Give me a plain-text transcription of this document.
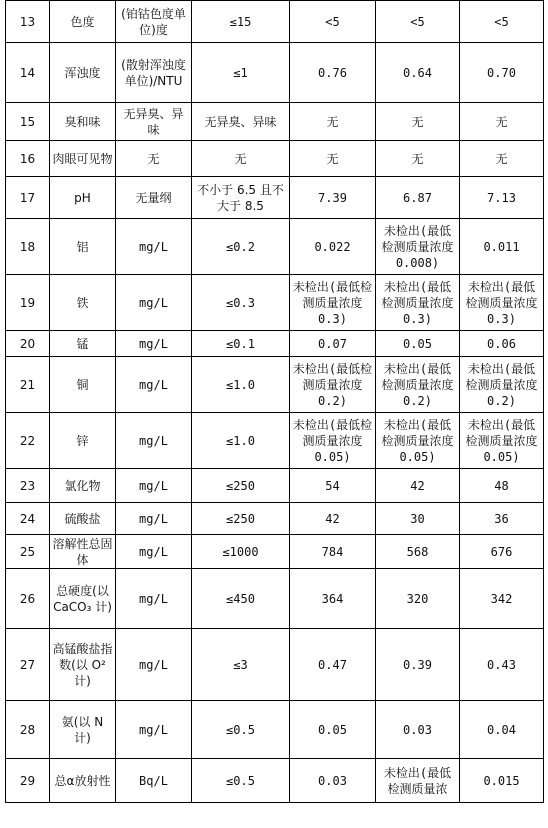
13	色度	(铂钴色度单位)度	≤15	<5	<5	<5
14	浑浊度	(散射浑浊度单位)/NTU	≤1	0.76	0.64	0.70
15	臭和味	无异臭、异　味	无异臭、异味	无	无	无
16	肉眼可见物	无	无	无	无	无
17	pH	无量纲	不小于 6.5 且不大于 8.5	7.39	6.87	7.13
18	铝	mg/L	≤0.2	0.022	未检出(最低检测质量浓度 0.008)	0.011
19	铁	mg/L	≤0.3	未检出(最低检测质量浓度 0.3)	未检出(最低检测质量浓度 0.3)	未检出(最低检测质量浓度 0.3)
20	锰	mg/L	≤0.1	0.07	0.05	0.06
21	铜	mg/L	≤1.0	未检出(最低检测质量浓度 0.2)	未检出(最低检测质量浓度 0.2)	未检出(最低检测质量浓度 0.2)
22	锌	mg/L	≤1.0	未检出(最低检测质量浓度 0.05)	未检出(最低检测质量浓度 0.05)	未检出(最低检测质量浓度 0.05)
23	氯化物	mg/L	≤250	54	42	48
24	硫酸盐	mg/L	≤250	42	30	36
25	溶解性总固体	mg/L	≤1000	784	568	676
26	总硬度(以 CaCO₃ 计)	mg/L	≤450	364	320	342
27	高锰酸盐指数(以 O² 计)	mg/L	≤3	0.47	0.39	0.43
28	氨(以 N 计)	mg/L	≤0.5	0.05	0.03	0.04
29	总α放射性	Bq/L	≤0.5	0.03	未检出(最低检测质量浓	0.015
